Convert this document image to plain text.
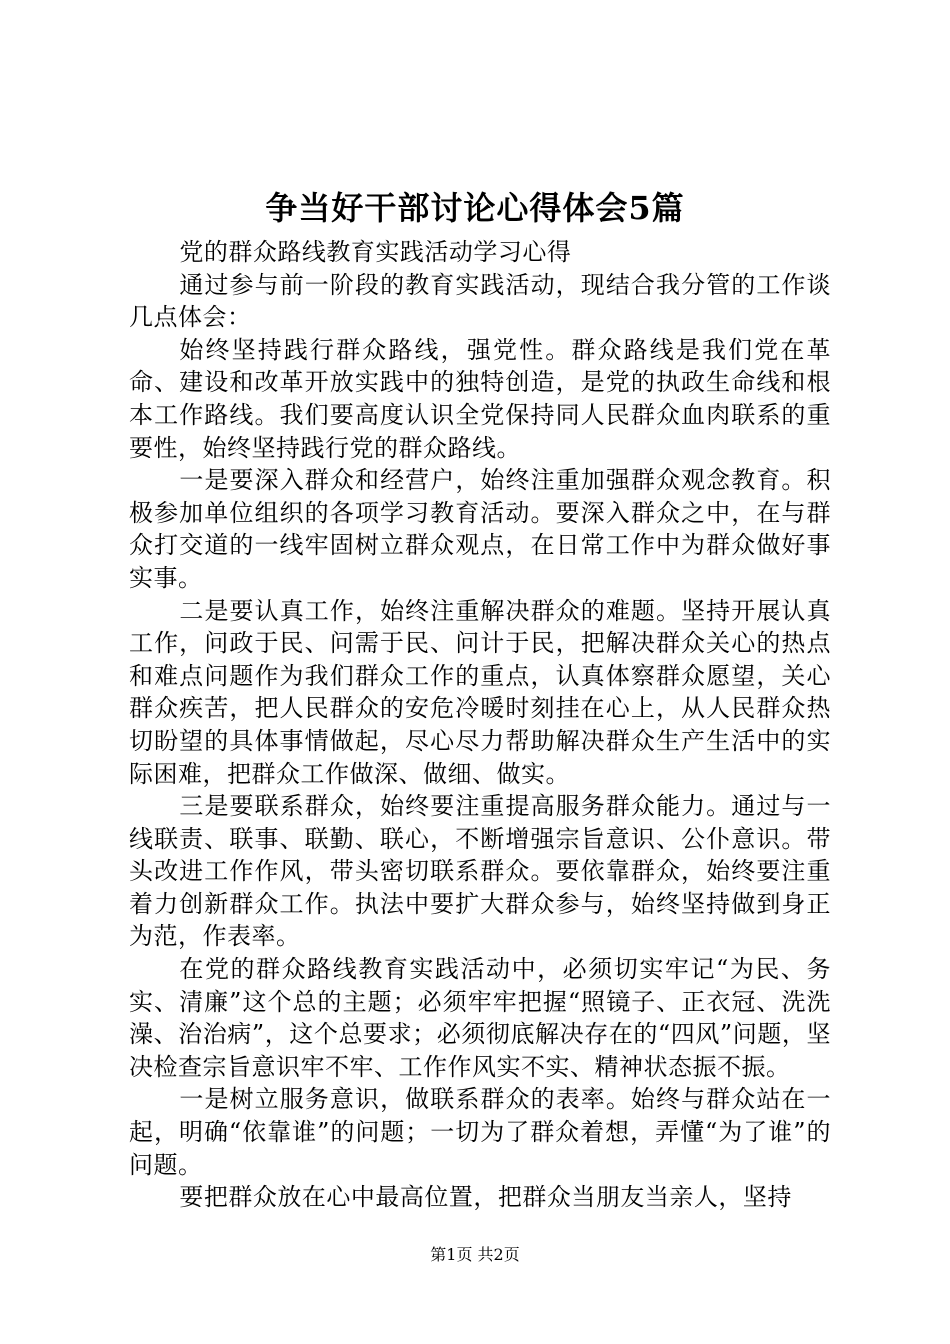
争当好干部讨论心得体会5篇

党的群众路线教育实践活动学习心得

通过参与前一阶段的教育实践活动，现结合我分管的工作谈几点体会：

始终坚持践行群众路线，强党性。群众路线是我们党在革命、建设和改革开放实践中的独特创造，是党的执政生命线和根本工作路线。我们要高度认识全党保持同人民群众血肉联系的重要性，始终坚持践行党的群众路线。

一是要深入群众和经营户，始终注重加强群众观念教育。积极参加单位组织的各项学习教育活动。要深入群众之中，在与群众打交道的一线牢固树立群众观点，在日常工作中为群众做好事实事。

二是要认真工作，始终注重解决群众的难题。坚持开展认真工作，问政于民、问需于民、问计于民，把解决群众关心的热点和难点问题作为我们群众工作的重点，认真体察群众愿望，关心群众疾苦，把人民群众的安危冷暖时刻挂在心上，从人民群众热切盼望的具体事情做起，尽心尽力帮助解决群众生产生活中的实际困难，把群众工作做深、做细、做实。

三是要联系群众，始终要注重提高服务群众能力。通过与一线联责、联事、联勤、联心，不断增强宗旨意识、公仆意识。带头改进工作作风，带头密切联系群众。要依靠群众，始终要注重着力创新群众工作。执法中要扩大群众参与，始终坚持做到身正为范，作表率。

在党的群众路线教育实践活动中，必须切实牢记“为民、务实、清廉”这个总的主题；必须牢牢把握“照镜子、正衣冠、洗洗澡、治治病”，这个总要求；必须彻底解决存在的“四风”问题，坚决检查宗旨意识牢不牢、工作作风实不实、精神状态振不振。

一是树立服务意识，做联系群众的表率。始终与群众站在一起，明确“依靠谁”的问题；一切为了群众着想，弄懂“为了谁”的问题。

要把群众放在心中最高位置，把群众当朋友当亲人，坚持

第1页 共2页
